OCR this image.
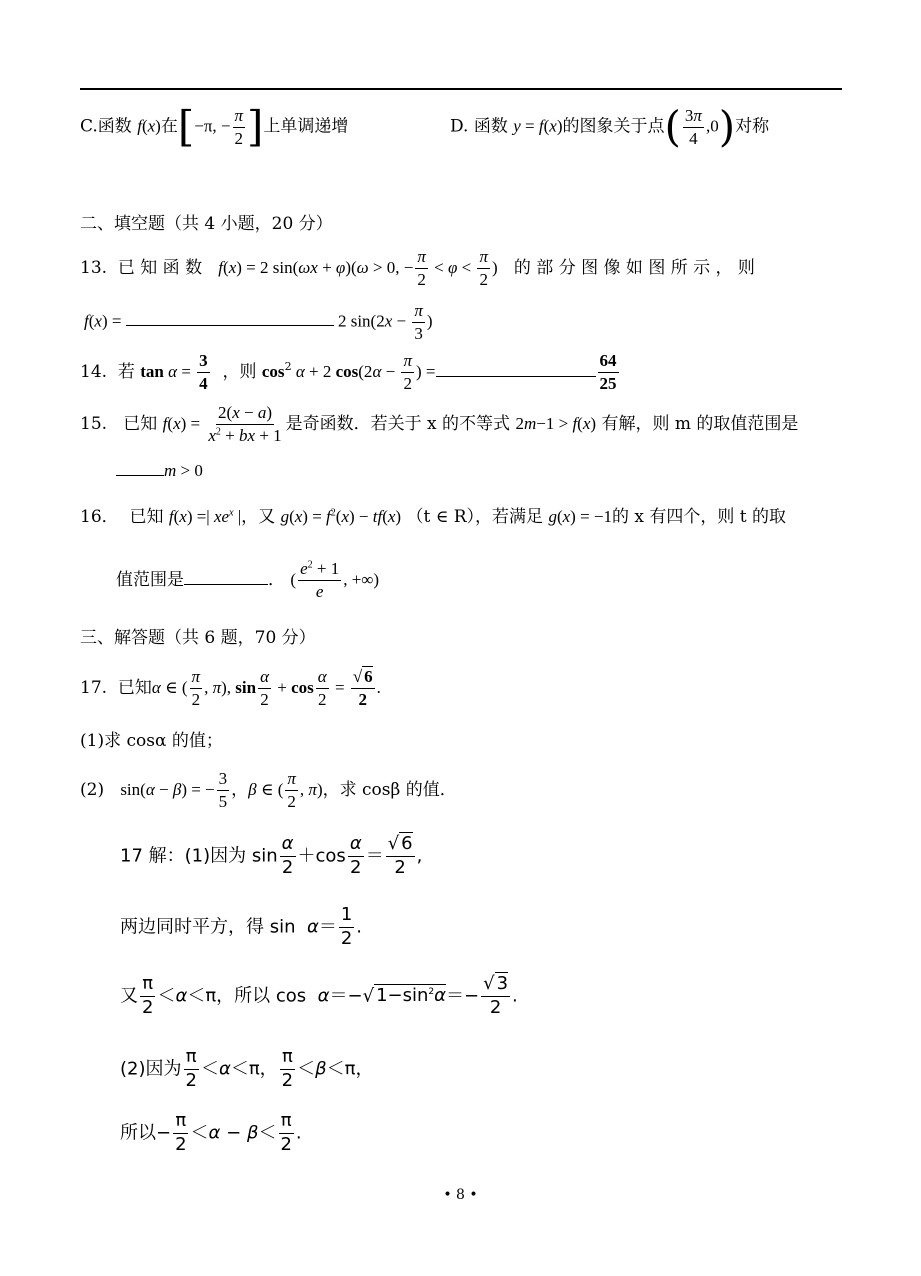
C.函数 f(x)在[−π, − $\frac{\pi}{2}$ ]上单调递增	D. 函数 y = f(x)的图象关于点( $\frac{3\pi}{4} ,0$)对称
二、填空题（共 4 小题，20 分）
13. 已 知 函 数 f(x) = 2 sin(ωx + φ)(ω > 0, − $\frac{\pi}{2} < \varphi < \frac{\pi}{2}$ ) 的 部 分 图 像 如 图 所 示 ， 则
f(x) =	2 $\sin(2x - \frac{\pi}{3}$ )
14. 若 $\tan \alpha = \frac{3}{4}$ ，则 $\cos^2 \alpha + 2$ $\cos(2\alpha - \frac{\pi}{2}$ ) =	$\frac{64}{25}$
15. 已知 $f(x) = \frac{2(x - a)}{x^2 + bx + 1}$ 是奇函数．若关于 x 的不等式 2m−1 > f(x) 有解，则 m 的取值范围是
m > 0
16． 已知 f(x) =| $xe^x$ |，又 $g(x) = f^2(x) - tf(x)$ （t ∈ R），若满足 g(x) = −1的 x 有四个，则 t 的取
值范围是	． ( $\frac{e^2 + 1}{e}$ , +∞)
三、解答题（共 6 题，70 分）
17. 已知α ∈ ( $\frac{\pi}{2}$ , π), $\sin \frac{\alpha}{2} + \cos \frac{\alpha}{2} = \frac{√ 6}{2}$ .
(1)求 cosα 的值；
(2) sin(α − β) = − $\frac{3}{5}$ ，β ∈ ( $\frac{\pi}{2}$ , π)，求 cosβ 的值．
17 解：(1)因为 $\sin \frac{\alpha}{2} +\cos \frac{\alpha}{2} = \frac{√ 6}{2}$ ,
两边同时平方，得 $\sin \alpha= \frac{1}{2}$ .
又 $\frac{\pi}{2} <\alpha<\pi$，所以 cos α＝−√ $1-\sin^2\alpha=- \frac{√ 3}{2}$ .
(2)因为 $\frac{\pi}{2} <\alpha<\pi$， $\frac{\pi}{2} <\beta<\pi$，
所以− $\frac{\pi}{2} <\alpha - \beta< \frac{\pi}{2}$ .
• 8 •
